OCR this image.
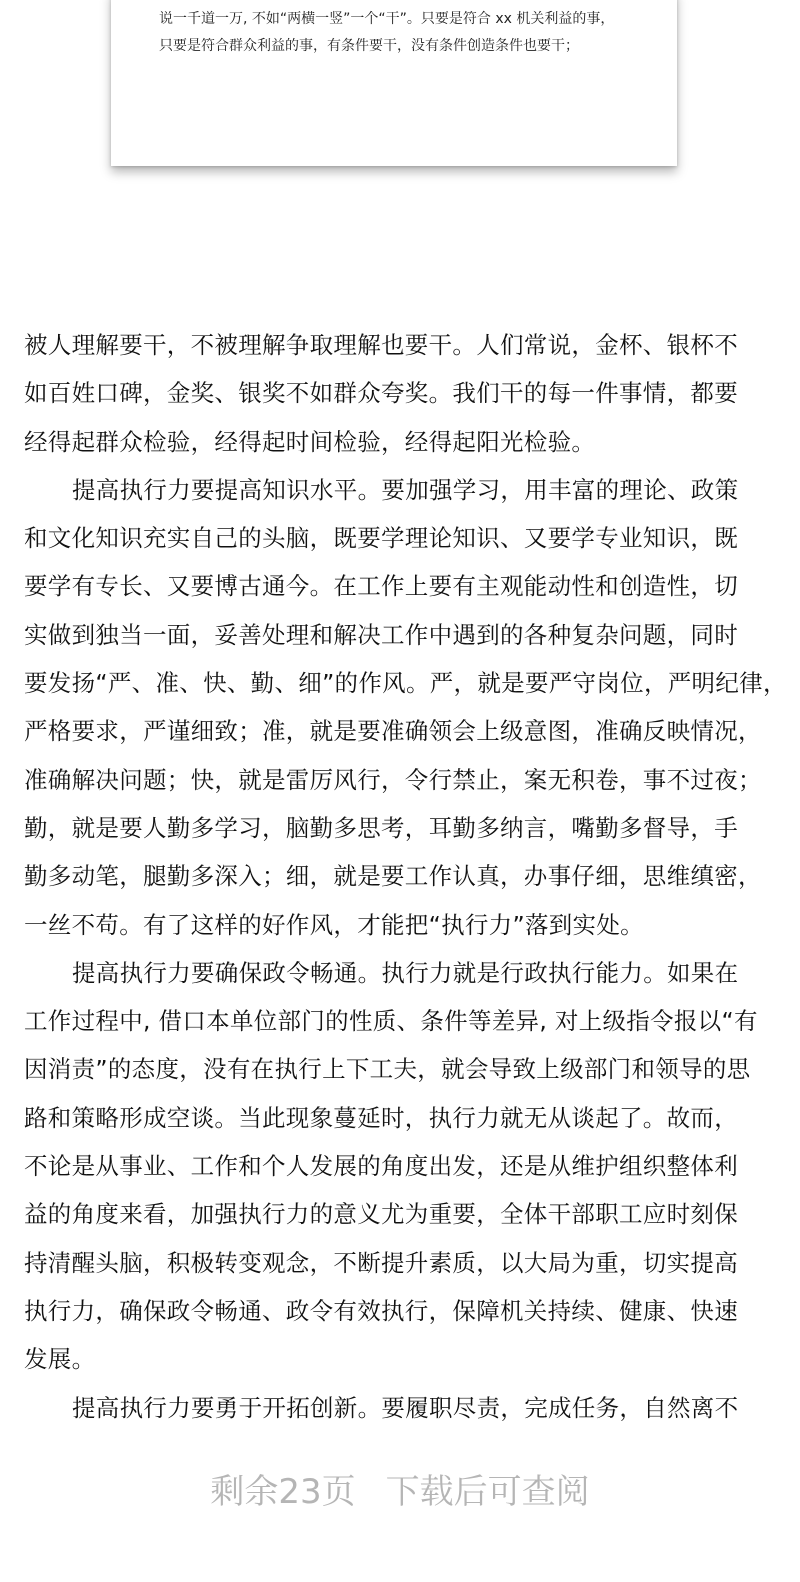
说一千道一万, 不如“两横一竖”一个“干”。只要是符合 xx 机关利益的事，
只要是符合群众利益的事，有条件要干，没有条件创造条件也要干；
被人理解要干，不被理解争取理解也要干。人们常说，金杯、银杯不
如百姓口碑，金奖、银奖不如群众夸奖。我们干的每一件事情，都要
经得起群众检验，经得起时间检验，经得起阳光检验。
提高执行力要提高知识水平。要加强学习，用丰富的理论、政策
和文化知识充实自己的头脑，既要学理论知识、又要学专业知识，既
要学有专长、又要博古通今。在工作上要有主观能动性和创造性，切
实做到独当一面，妥善处理和解决工作中遇到的各种复杂问题，同时
要发扬“严、准、快、勤、细”的作风。严，就是要严守岗位，严明纪律，
严格要求，严谨细致；准，就是要准确领会上级意图，准确反映情况，
准确解决问题；快，就是雷厉风行，令行禁止，案无积卷，事不过夜；
勤，就是要人勤多学习，脑勤多思考，耳勤多纳言，嘴勤多督导，手
勤多动笔，腿勤多深入；细，就是要工作认真，办事仔细，思维缜密，
一丝不苟。有了这样的好作风，才能把“执行力”落到实处。
提高执行力要确保政令畅通。执行力就是行政执行能力。如果在
工作过程中, 借口本单位部门的性质、条件等差异, 对上级指令报以“有
因消责”的态度，没有在执行上下工夫，就会导致上级部门和领导的思
路和策略形成空谈。当此现象蔓延时，执行力就无从谈起了。故而，
不论是从事业、工作和个人发展的角度出发，还是从维护组织整体利
益的角度来看，加强执行力的意义尤为重要，全体干部职工应时刻保
持清醒头脑，积极转变观念，不断提升素质，以大局为重，切实提高
执行力，确保政令畅通、政令有效执行，保障机关持续、健康、快速
发展。
提高执行力要勇于开拓创新。要履职尽责，完成任务，自然离不
剩余23页 下载后可查阅
